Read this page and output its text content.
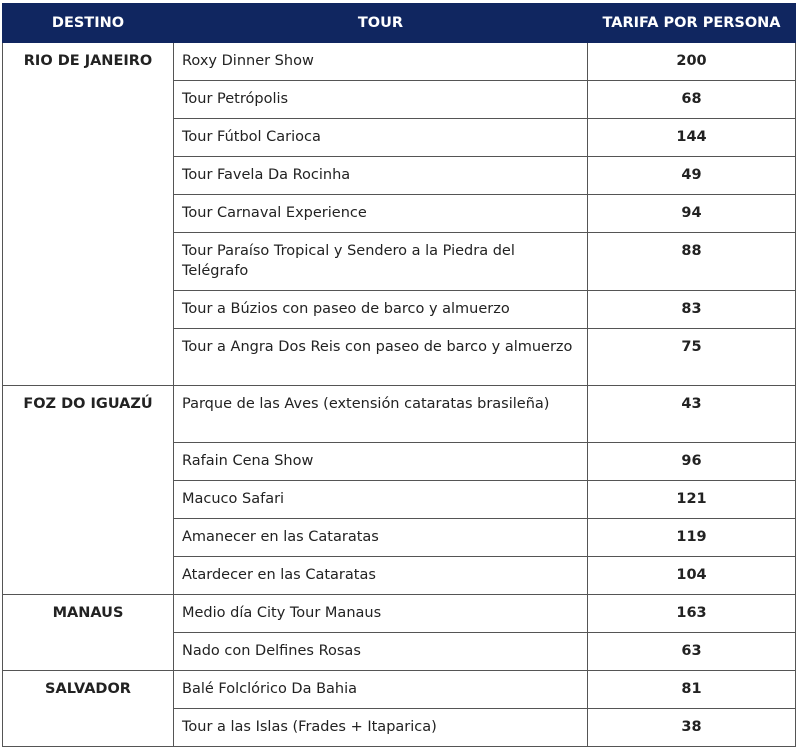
DESTINO	TOUR	TARIFA POR PERSONA
RIO DE JANEIRO	Roxy Dinner Show	200
	Tour Petrópolis	68
	Tour Fútbol Carioca	144
	Tour Favela Da Rocinha	49
	Tour Carnaval Experience	94
	Tour Paraíso Tropical y Sendero a la Piedra del Telégrafo	88
	Tour a Búzios con paseo de barco y almuerzo	83
	Tour a Angra Dos Reis con paseo de barco y almuerzo	75
FOZ DO IGUAZÚ	Parque de las Aves (extensión cataratas brasileña)	43
	Rafain Cena Show	96
	Macuco Safari	121
	Amanecer en las Cataratas	119
	Atardecer en las Cataratas	104
MANAUS	Medio día City Tour Manaus	163
	Nado con Delfines Rosas	63
SALVADOR	Balé Folclórico Da Bahia	81
	Tour a las Islas (Frades + Itaparica)	38
